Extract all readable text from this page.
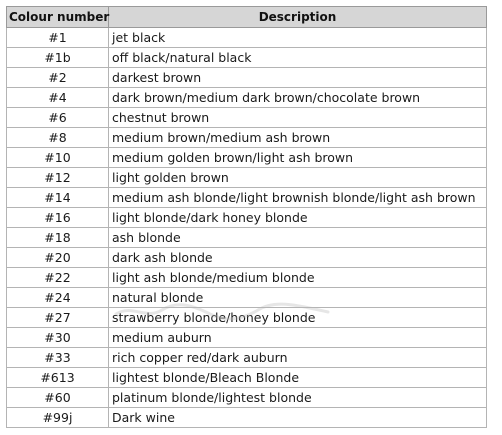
Colour number	Description
#1	jet black
#1b	off black/natural black
#2	darkest brown
#4	dark brown/medium dark brown/chocolate brown
#6	chestnut brown
#8	medium brown/medium ash brown
#10	medium golden brown/light ash brown
#12	light golden brown
#14	medium ash blonde/light brownish blonde/light ash brown
#16	light blonde/dark honey blonde
#18	ash blonde
#20	dark ash blonde
#22	light ash blonde/medium blonde
#24	natural blonde
#27	strawberry blonde/honey blonde
#30	medium auburn
#33	rich copper red/dark auburn
#613	lightest blonde/Bleach Blonde
#60	platinum blonde/lightest blonde
#99j	Dark wine
